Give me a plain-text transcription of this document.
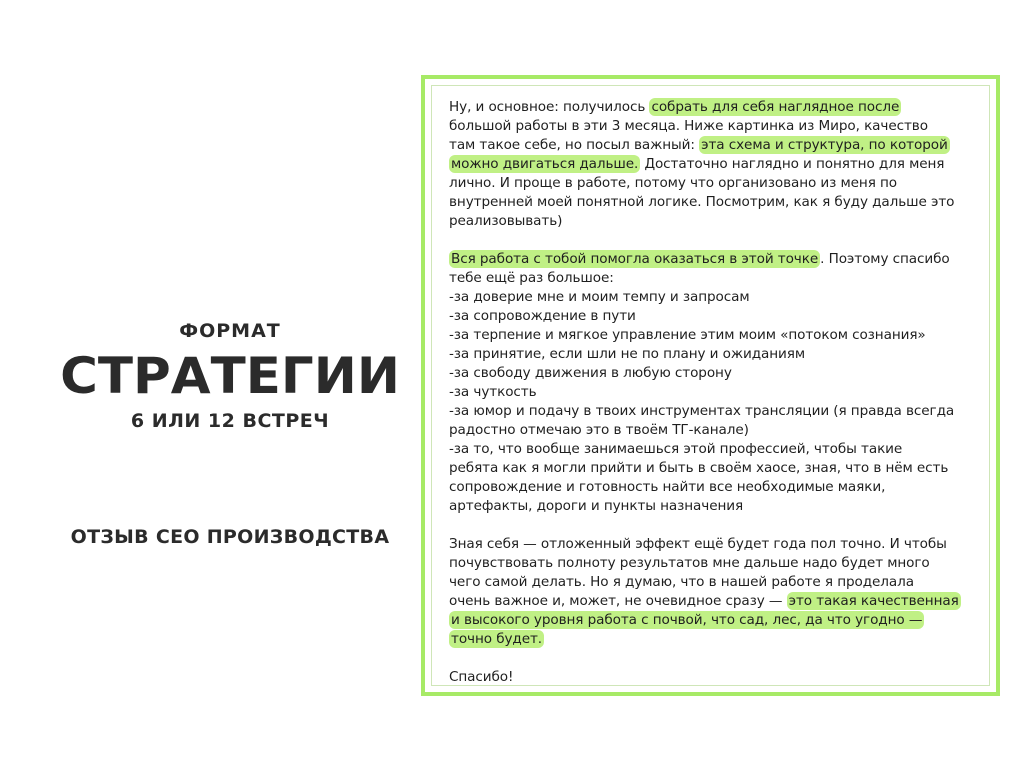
ФОРМАТ
СТРАТЕГИИ
6 ИЛИ 12 ВСТРЕЧ
ОТЗЫВ СЕО ПРОИЗВОДСТВА
Ну, и основное: получилось собрать для себя наглядное после
большой работы в эти 3 месяца. Ниже картинка из Миро, качество
там такое себе, но посыл важный: эта схема и структура, по которой
можно двигаться дальше. Достаточно наглядно и понятно для меня
лично. И проще в работе, потому что организовано из меня по
внутренней моей понятной логике. Посмотрим, как я буду дальше это
реализовывать)
Вся работа с тобой помогла оказаться в этой точке . Поэтому спасибо
тебе ещё раз большое:
-за доверие мне и моим темпу и запросам
-за сопровождение в пути
-за терпение и мягкое управление этим моим «потоком сознания»
-за принятие, если шли не по плану и ожиданиям
-за свободу движения в любую сторону
-за чуткость
-за юмор и подачу в твоих инструментах трансляции (я правда всегда
радостно отмечаю это в твоём ТГ-канале)
-за то, что вообще занимаешься этой профессией, чтобы такие
ребята как я могли прийти и быть в своём хаосе, зная, что в нём есть
сопровождение и готовность найти все необходимые маяки,
артефакты, дороги и пункты назначения
Зная себя — отложенный эффект ещё будет года пол точно. И чтобы
почувствовать полноту результатов мне дальше надо будет много
чего самой делать. Но я думаю, что в нашей работе я проделала
очень важное и, может, не очевидное сразу — это такая качественная
и высокого уровня работа с почвой, что сад, лес, да что угодно —
точно будет.
Спасибо!
